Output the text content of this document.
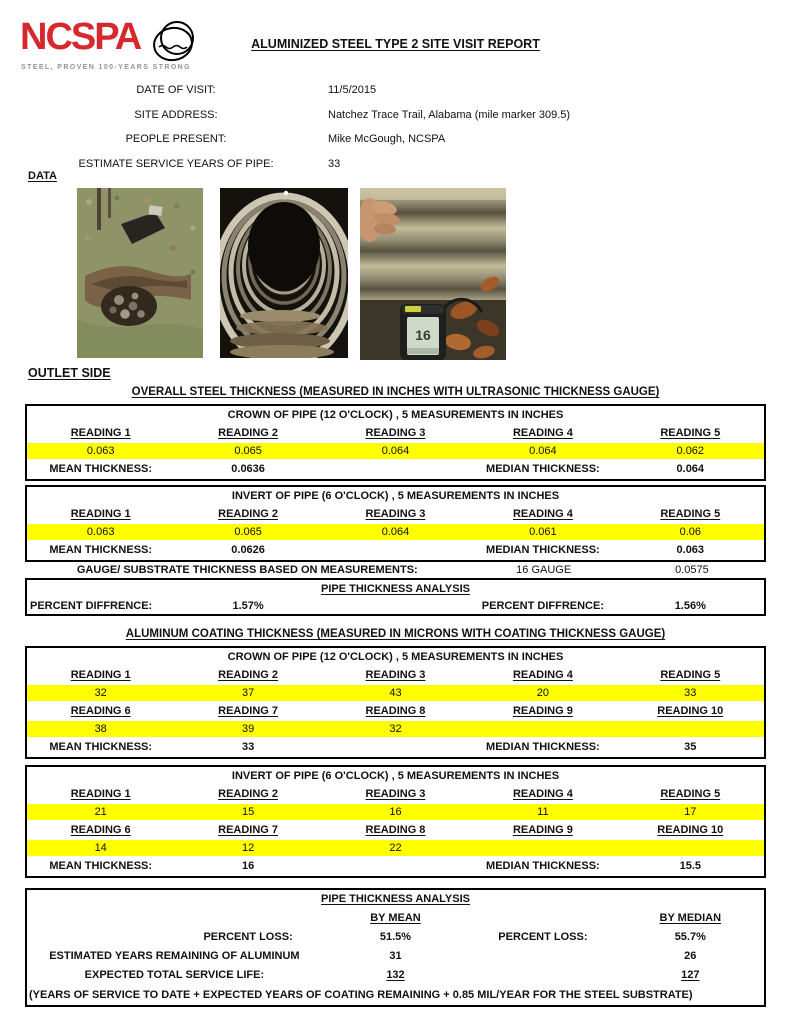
NCSPA
STEEL, PROVEN 100-YEARS STRONG
ALUMINIZED STEEL TYPE 2 SITE VISIT REPORT
DATE OF VISIT:	11/5/2015
SITE ADDRESS:	Natchez Trace Trail, Alabama (mile marker 309.5)
PEOPLE PRESENT:	Mike McGough, NCSPA
ESTIMATE SERVICE YEARS OF PIPE:	33
DATA
16
OUTLET SIDE
OVERALL STEEL THICKNESS (MEASURED IN INCHES WITH ULTRASONIC THICKNESS GAUGE)
CROWN OF PIPE (12 O'CLOCK) , 5 MEASUREMENTS IN INCHES
READING 1	READING 2	READING 3	READING 4	READING 5
0.063	0.065	0.064	0.064	0.062
MEAN THICKNESS:	0.0636	MEDIAN THICKNESS:	0.064
INVERT OF PIPE (6 O'CLOCK) , 5 MEASUREMENTS IN INCHES
READING 1	READING 2	READING 3	READING 4	READING 5
0.063	0.065	0.064	0.061	0.06
MEAN THICKNESS:	0.0626	MEDIAN THICKNESS:	0.063
GAUGE/ SUBSTRATE THICKNESS BASED ON MEASUREMENTS:	16 GAUGE	0.0575
PIPE THICKNESS ANALYSIS
PERCENT DIFFRENCE:	1.57%	PERCENT DIFFRENCE:	1.56%
ALUMINUM COATING THICKNESS (MEASURED IN MICRONS WITH COATING THICKNESS GAUGE)
CROWN OF PIPE (12 O'CLOCK) , 5 MEASUREMENTS IN INCHES
READING 1	READING 2	READING 3	READING 4	READING 5
32	37	43	20	33
READING 6	READING 7	READING 8	READING 9	READING 10
38	39	32
MEAN THICKNESS:	33	MEDIAN THICKNESS:	35
INVERT OF PIPE (6 O'CLOCK) , 5 MEASUREMENTS IN INCHES
READING 1	READING 2	READING 3	READING 4	READING 5
21	15	16	11	17
READING 6	READING 7	READING 8	READING 9	READING 10
14	12	22
MEAN THICKNESS:	16	MEDIAN THICKNESS:	15.5
PIPE THICKNESS ANALYSIS
BY MEAN	BY MEDIAN
PERCENT LOSS:	51.5%	PERCENT LOSS:	55.7%
ESTIMATED YEARS REMAINING OF ALUMINUM	31	26
EXPECTED TOTAL SERVICE LIFE:	132	127
(YEARS OF SERVICE TO DATE + EXPECTED YEARS OF COATING REMAINING + 0.85 MIL/YEAR FOR THE STEEL SUBSTRATE)
